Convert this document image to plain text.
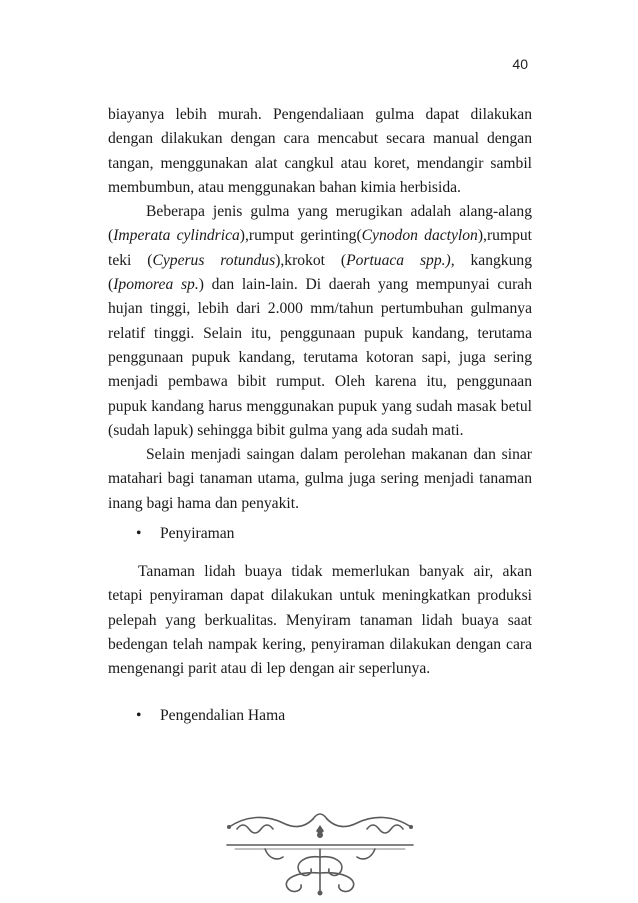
40

biayanya lebih murah. Pengendaliaan gulma dapat dilakukan dengan dilakukan dengan cara mencabut secara manual dengan tangan, menggunakan alat cangkul atau koret, mendangir sambil membumbun, atau menggunakan bahan kimia herbisida.

Beberapa jenis gulma yang merugikan adalah alang-alang (Imperata cylindrica),rumput gerinting(Cynodon dactylon),rumput teki (Cyperus rotundus),krokot (Portuaca spp.), kangkung (Ipomorea sp.) dan lain-lain. Di daerah yang mempunyai curah hujan tinggi, lebih dari 2.000 mm/tahun pertumbuhan gulmanya relatif tinggi. Selain itu, penggunaan pupuk kandang, terutama penggunaan pupuk kandang, terutama kotoran sapi, juga sering menjadi pembawa bibit rumput. Oleh karena itu, penggunaan pupuk kandang harus menggunakan pupuk yang sudah masak betul (sudah lapuk) sehingga bibit gulma yang ada sudah mati.

Selain menjadi saingan dalam perolehan makanan dan sinar matahari bagi tanaman utama, gulma juga sering menjadi tanaman inang bagi hama dan penyakit.

• Penyiraman

Tanaman lidah buaya tidak memerlukan banyak air, akan tetapi penyiraman dapat dilakukan untuk meningkatkan produksi pelepah yang berkualitas. Menyiram tanaman lidah buaya saat bedengan telah nampak kering, penyiraman dilakukan dengan cara mengenangi parit atau di lep dengan air seperlunya.

• Pengendalian Hama
